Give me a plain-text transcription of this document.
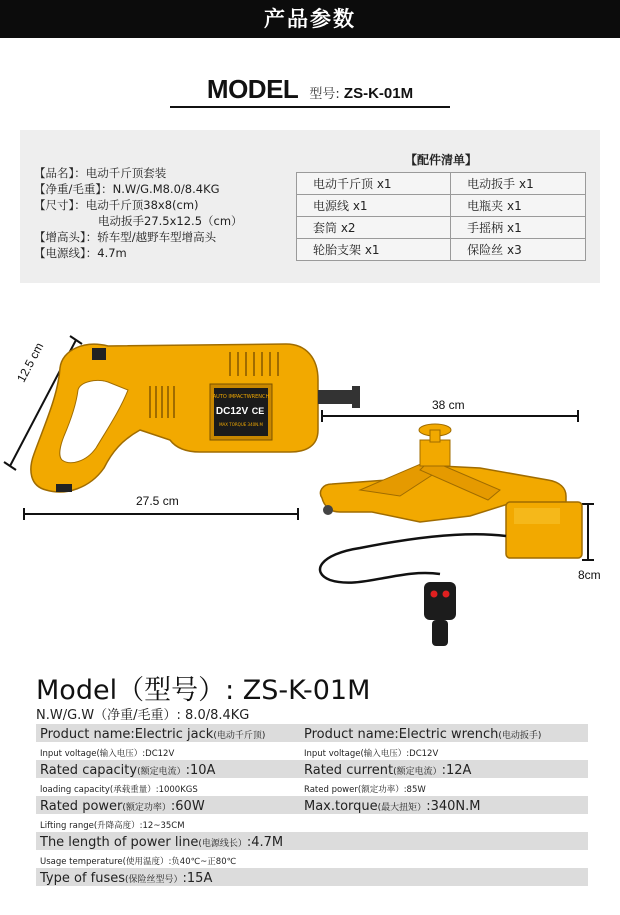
产品参数
MODEL 型号: ZS-K-01M
【品名】：电动千斤顶套装
【净重/毛重】：N.W/G.M8.0/8.4KG
【尺寸】：电动千斤顶38x8(cm)
电动扳手27.5x12.5（cm）
【增高头】：轿车型/越野车型增高头
【电源线】：4.7m
【配件清单】
电动千斤顶 x1	电动扳手 x1
电源线 x1	电瓶夹 x1
套筒 x2	手摇柄 x1
轮胎支架 x1	保险丝 x3
AUTO IMPACTWRENCH
DC12V CE
MAX TORQUE 340N.M
12.5 cm
27.5 cm
38 cm
8cm
Model（型号）: ZS-K-01M
N.W/G.W（净重/毛重）: 8.0/8.4KG
Product name:Electric jack(电动千斤顶)	Product name:Electric wrench(电动扳手)
Input voltage(输入电压）:DC12V	Input voltage(输入电压）:DC12V
Rated capacity(额定电流）:10A	Rated current(额定电流）:12A
loading capacity(承载重量）:1000KGS	Rated power(额定功率）:85W
Rated power(额定功率）:60W	Max.torque(最大扭矩）:340N.M
Lifting range(升降高度）:12~35CM
The length of power line(电源线长）:4.7M
Usage temperature(使用温度）:负40℃~正80℃
Type of fuses(保险丝型号）:15A
